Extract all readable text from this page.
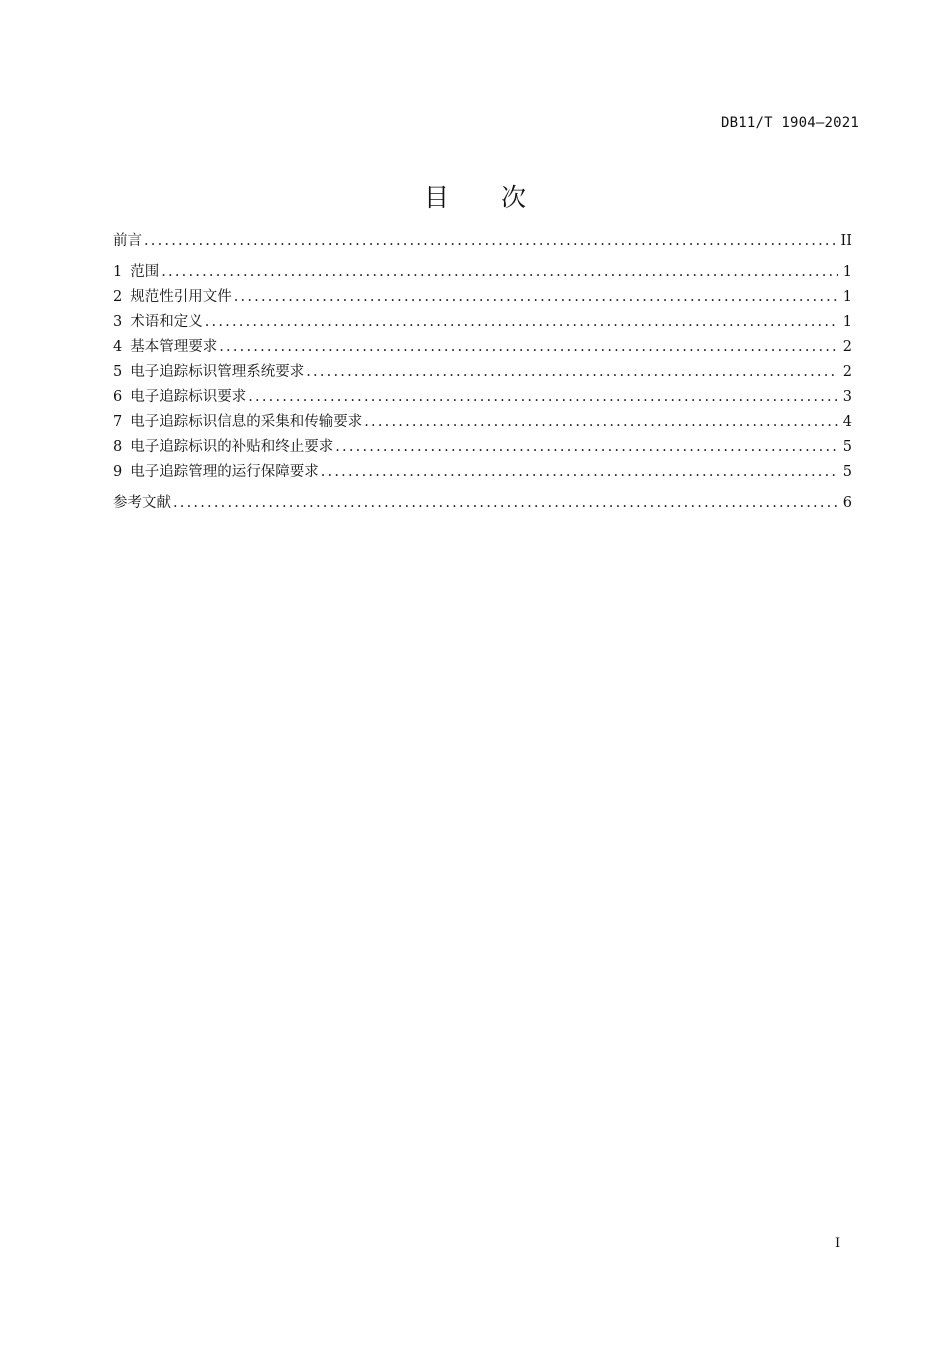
DB11/T 1904—2021
目 次
前言 .....	II
1 范围 .....	1
2 规范性引用文件 .....	1
3 术语和定义 .....	1
4 基本管理要求 .....	2
5 电子追踪标识管理系统要求 .....	2
6 电子追踪标识要求 .....	3
7 电子追踪标识信息的采集和传输要求 .....	4
8 电子追踪标识的补贴和终止要求 .....	5
9 电子追踪管理的运行保障要求 .....	5
参考文献 .....	6
I
